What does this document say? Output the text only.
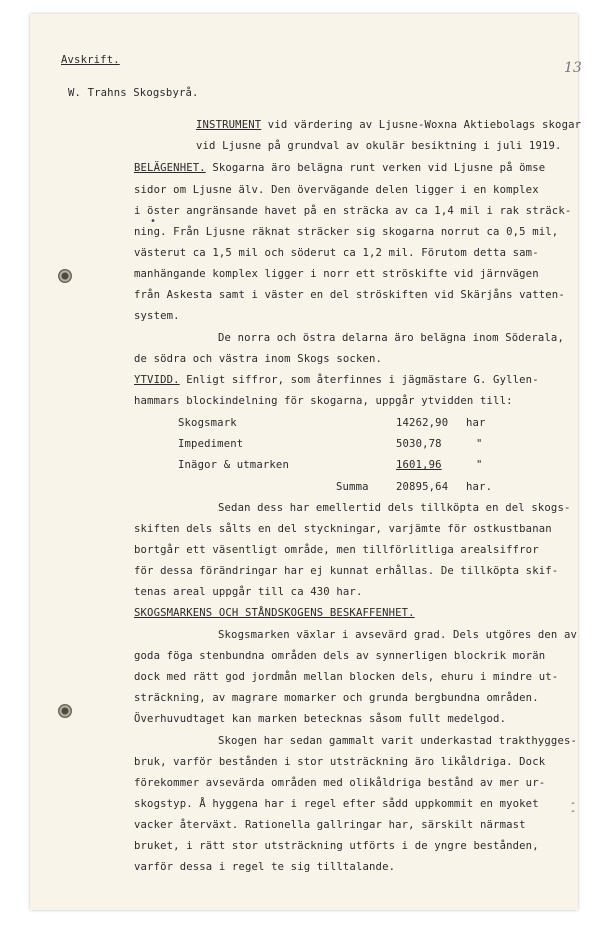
13
•
-
-
Avskrift.
W. Trahns Skogsbyrå.
INSTRUMENT vid värdering av Ljusne-Woxna Aktiebolags skogar
vid Ljusne på grundval av okulär besiktning i juli 1919.
BELÄGENHET. Skogarna äro belägna runt verken vid Ljusne på ömse
sidor om Ljusne älv. Den övervägande delen ligger i en komplex
i öster angränsande havet på en sträcka av ca 1,4 mil i rak sträck-
ning. Från Ljusne räknat sträcker sig skogarna norrut ca 0,5 mil,
västerut ca 1,5 mil och söderut ca 1,2 mil. Förutom detta sam-
manhängande komplex ligger i norr ett ströskifte vid järnvägen
från Askesta samt i väster en del ströskiften vid Skärjåns vatten-
system.
De norra och östra delarna äro belägna inom Söderala,
de södra och västra inom Skogs socken.
YTVIDD. Enligt siffror, som återfinnes i jägmästare G. Gyllen-
hammars blockindelning för skogarna, uppgår ytvidden till:
Skogsmark	14262,90 har
Impediment	5030,78	"
Inägor & utmarken	1601,96	"
Summa	20895,64 har.
Sedan dess har emellertid dels tillköpta en del skogs-
skiften dels sålts en del styckningar, varjämte för ostkustbanan
bortgår ett väsentligt område, men tillförlitliga arealsiffror
för dessa förändringar har ej kunnat erhållas. De tillköpta skif-
tenas areal uppgår till ca 430 har.
SKOGSMARKENS OCH STÅNDSKOGENS BESKAFFENHET.
Skogsmarken växlar i avsevärd grad. Dels utgöres den av
goda föga stenbundna områden dels av synnerligen blockrik morän
dock med rätt god jordmån mellan blocken dels, ehuru i mindre ut-
sträckning, av magrare momarker och grunda bergbundna områden.
Överhuvudtaget kan marken betecknas såsom fullt medelgod.
Skogen har sedan gammalt varit underkastad trakthygges-
bruk, varför bestånden i stor utsträckning äro likåldriga. Dock
förekommer avsevärda områden med olikåldriga bestånd av mer ur-
skogstyp. Å hyggena har i regel efter sådd uppkommit en myoket
vacker återväxt. Rationella gallringar har, särskilt närmast
bruket, i rätt stor utsträckning utförts i de yngre bestånden,
varför dessa i regel te sig tilltalande.
